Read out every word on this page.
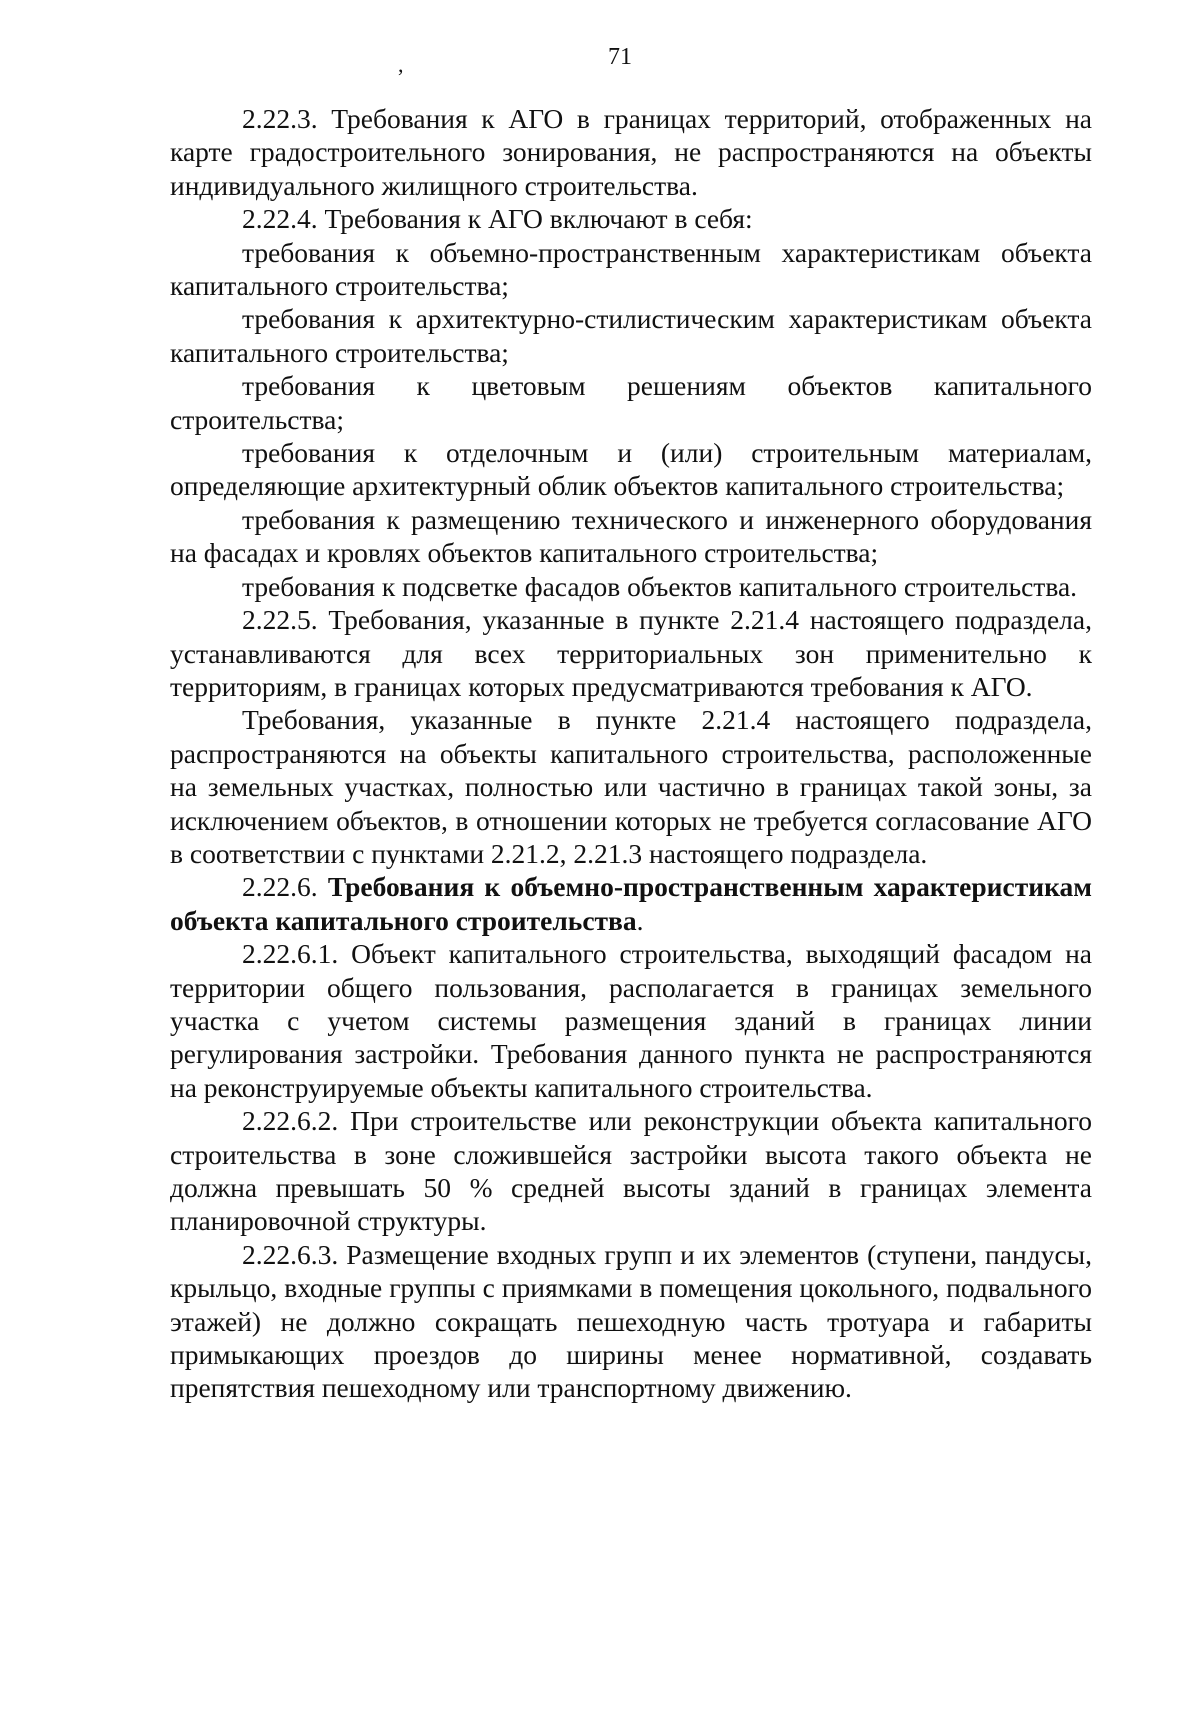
71
,

2.22.3. Требования к АГО в границах территорий, отображенных на карте градостроительного зонирования, не распространяются на объекты индивидуального жилищного строительства.

2.22.4. Требования к АГО включают в себя:

требования к объемно-пространственным характеристикам объекта капитального строительства;

требования к архитектурно-стилистическим характеристикам объекта капитального строительства;

требования к цветовым решениям объектов капитального строительства;

требования к отделочным и (или) строительным материалам, определяющие архитектурный облик объектов капитального строительства;

требования к размещению технического и инженерного оборудования на фасадах и кровлях объектов капитального строительства;

требования к подсветке фасадов объектов капитального строительства.

2.22.5. Требования, указанные в пункте 2.21.4 настоящего подраздела, устанавливаются для всех территориальных зон применительно к территориям, в границах которых предусматриваются требования к АГО.

Требования, указанные в пункте 2.21.4 настоящего подраздела, распространяются на объекты капитального строительства, расположенные на земельных участках, полностью или частично в границах такой зоны, за исключением объектов, в отношении которых не требуется согласование АГО в соответствии с пунктами 2.21.2, 2.21.3 настоящего подраздела.

2.22.6. Требования к объемно-пространственным характеристикам объекта капитального строительства.

2.22.6.1. Объект капитального строительства, выходящий фасадом на территории общего пользования, располагается в границах земельного участка с учетом системы размещения зданий в границах линии регулирования застройки. Требования данного пункта не распространяются на реконструируемые объекты капитального строительства.

2.22.6.2. При строительстве или реконструкции объекта капитального строительства в зоне сложившейся застройки высота такого объекта не должна превышать 50 % средней высоты зданий в границах элемента планировочной структуры.

2.22.6.3. Размещение входных групп и их элементов (ступени, пандусы, крыльцо, входные группы с приямками в помещения цокольного, подвального этажей) не должно сокращать пешеходную часть тротуара и габариты примыкающих проездов до ширины менее нормативной, создавать препятствия пешеходному или транспортному движению.
